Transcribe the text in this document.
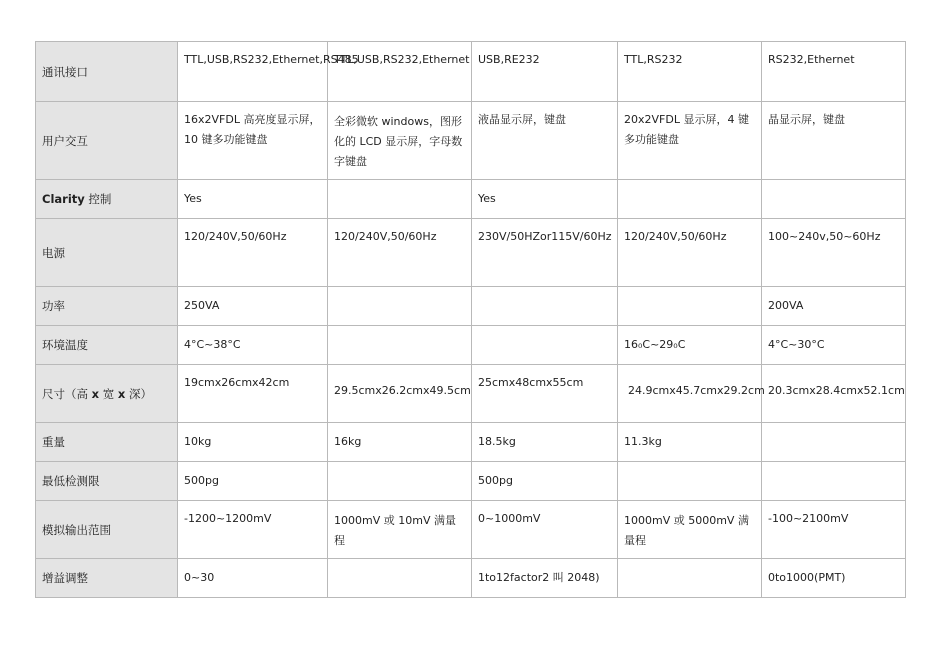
通讯接口	TTL,USB,RS232,Ethernet,RS485	TTL,USB,RS232,Ethernet	USB,RE232	TTL,RS232	RS232,Ethernet

用户交互	16x2VFDL 高亮度显示屏，10 键多功能键盘	全彩微软 windows，图形化的 LCD 显示屏，字母数字键盘	液晶显示屏，键盘	20x2VFDL 显示屏，4 键多功能键盘	晶显示屏，键盘

Clarity 控制	Yes		Yes		

电源	120/240V,50/60Hz	120/240V,50/60Hz	230V/50HZor115V/60Hz	120/240V,50/60Hz	100~240v,50~60Hz

功率	250VA				200VA

环境温度	4°C~38°C			16₀C~29₀C	4°C~30°C

尺寸（高 x 宽 x 深）	19cmx26cmx42cm	29.5cmx26.2cmx49.5cm	25cmx48cmx55cm	24.9cmx45.7cmx29.2cm	20.3cmx28.4cmx52.1cm

重量	10kg	16kg	18.5kg	11.3kg	

最低检测限	500pg		500pg		

模拟输出范围	-1200~1200mV	1000mV 或 10mV 满量程	0~1000mV	1000mV 或 5000mV 满量程	-100~2100mV

增益调整	0~30		1to12factor2 叫 2048)		0to1000(PMT)
